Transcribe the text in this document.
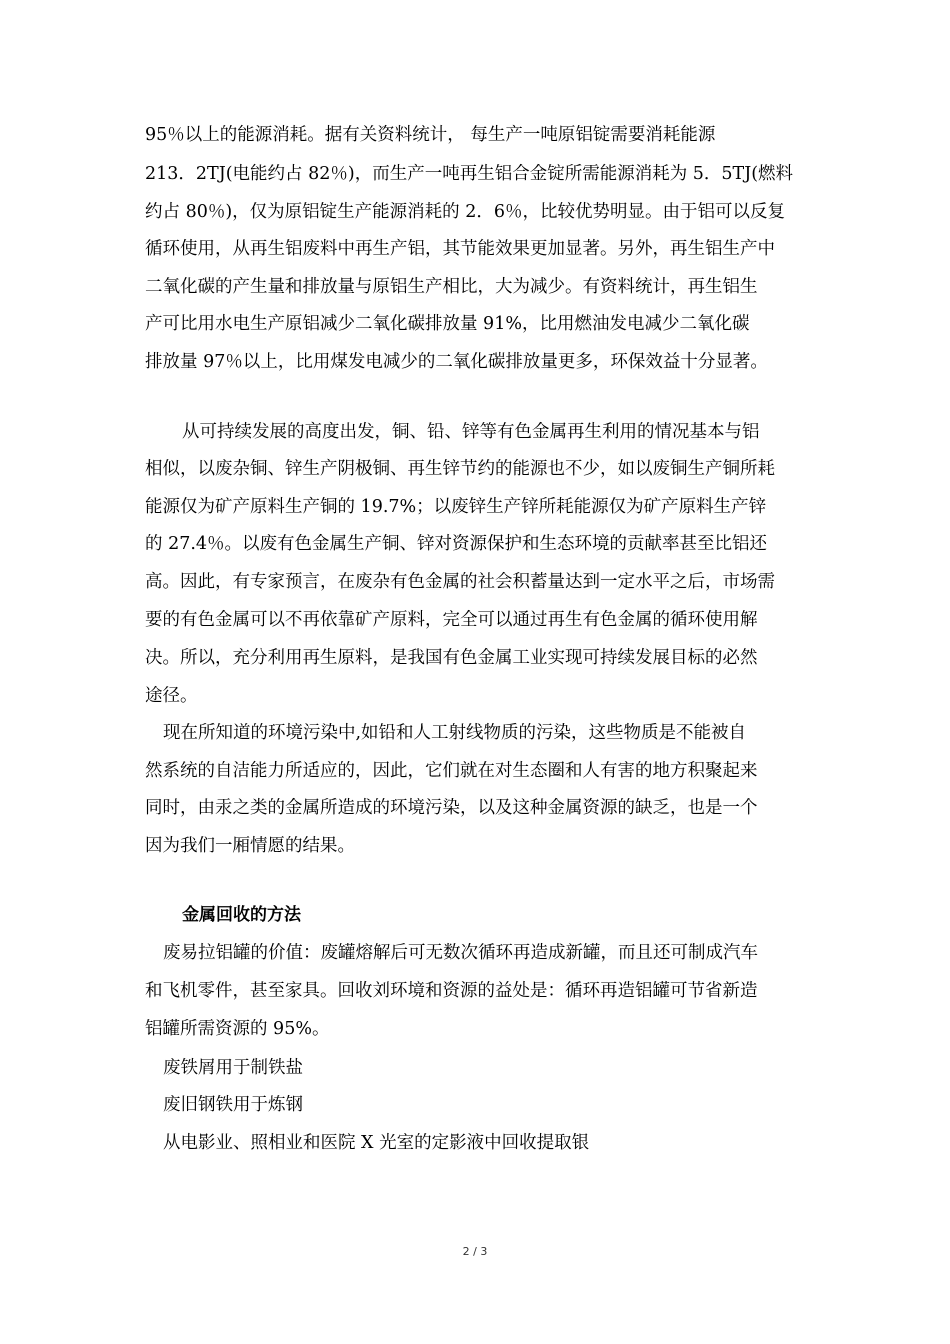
95％以上的能源消耗。据有关资料统计， 每生产一吨原铝锭需要消耗能源
213．2TJ(电能约占 82％)，而生产一吨再生铝合金锭所需能源消耗为 5．5TJ(燃料
约占 80％)，仅为原铝锭生产能源消耗的 2．6％，比较优势明显。由于铝可以反复
循环使用，从再生铝废料中再生产铝，其节能效果更加显著。另外，再生铝生产中
二氧化碳的产生量和排放量与原铝生产相比，大为减少。有资料统计，再生铝生
产可比用水电生产原铝减少二氧化碳排放量 91%，比用燃油发电减少二氧化碳
排放量 97％以上，比用煤发电减少的二氧化碳排放量更多，环保效益十分显著。
从可持续发展的高度出发，铜、铅、锌等有色金属再生利用的情况基本与铝
相似，以废杂铜、锌生产阴极铜、再生锌节约的能源也不少，如以废铜生产铜所耗
能源仅为矿产原料生产铜的 19.7%；以废锌生产锌所耗能源仅为矿产原料生产锌
的 27.4％。以废有色金属生产铜、锌对资源保护和生态环境的贡献率甚至比铝还
高。因此，有专家预言，在废杂有色金属的社会积蓄量达到一定水平之后，市场需
要的有色金属可以不再依靠矿产原料，完全可以通过再生有色金属的循环使用解
决。所以，充分利用再生原料，是我国有色金属工业实现可持续发展目标的必然
途径。
现在所知道的环境污染中,如铅和人工射线物质的污染，这些物质是不能被自
然系统的自洁能力所适应的，因此，它们就在对生态圈和人有害的地方积聚起来
同时，由汞之类的金属所造成的环境污染，以及这种金属资源的缺乏，也是一个
因为我们一厢情愿的结果。
金属回收的方法
废易拉铝罐的价值：废罐熔解后可无数次循环再造成新罐，而且还可制成汽车
和飞机零件，甚至家具。回收刘环境和资源的益处是：循环再造铝罐可节省新造
铝罐所需资源的 95%。
废铁屑用于制铁盐
废旧钢铁用于炼钢
从电影业、照相业和医院 X 光室的定影液中回收提取银
2 / 3
